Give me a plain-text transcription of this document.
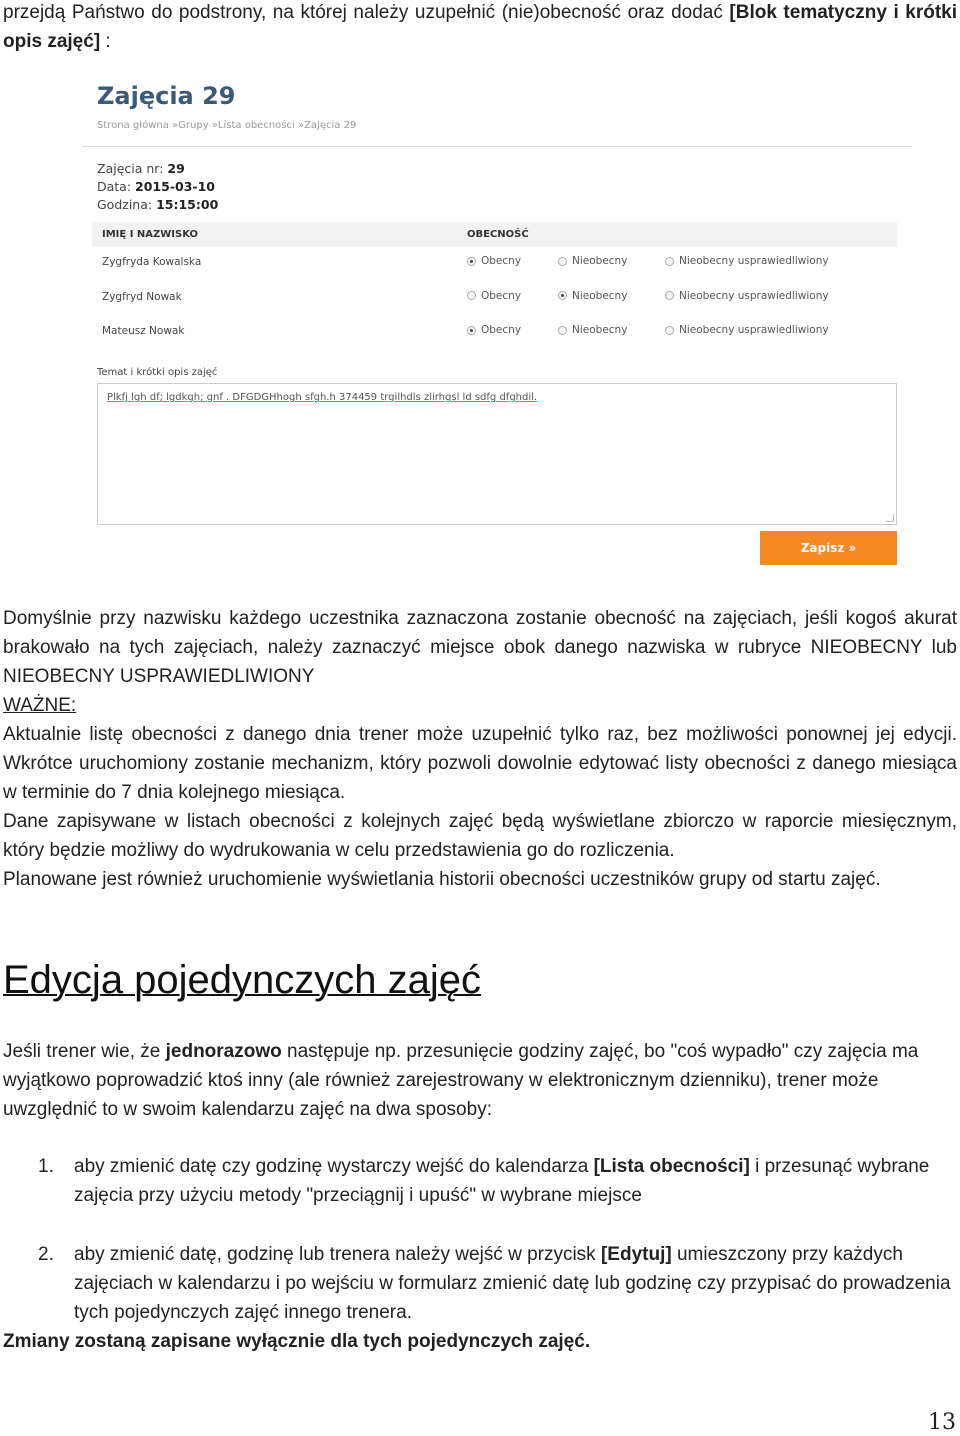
przejdą Państwo do podstrony, na której należy uzupełnić (nie)obecność oraz dodać [Blok tematyczny i krótki opis zajęć] :

Zajęcia 29
Strona główna »Grupy »Lista obecności »Zajęcia 29
Zajęcia nr: 29
Data: 2015-03-10
Godzina: 15:15:00
IMIĘ I NAZWISKO	OBECNOŚĆ
Zygfryda Kowalska	Obecny	Nieobecny	Nieobecny usprawiedliwiony
Zygfryd Nowak	Obecny	Nieobecny	Nieobecny usprawiedliwiony
Mateusz Nowak	Obecny	Nieobecny	Nieobecny usprawiedliwiony
Temat i krótki opis zajęć
Plkfj lgh df; lgdkgh; gnf . DFGDGHhogh sfgh.h 374459 trgilhdls zlirhgsl ld sdfg dfghdil.
Zapisz »

Domyślnie przy nazwisku każdego uczestnika zaznaczona zostanie obecność na zajęciach, jeśli kogoś akurat brakowało na tych zajęciach, należy zaznaczyć miejsce obok danego nazwiska w rubryce NIEOBECNY lub NIEOBECNY USPRAWIEDLIWIONY

WAŻNE:

Aktualnie listę obecności z danego dnia trener może uzupełnić tylko raz, bez możliwości ponownej jej edycji. Wkrótce uruchomiony zostanie mechanizm, który pozwoli dowolnie edytować listy obecności z danego miesiąca w terminie do 7 dnia kolejnego miesiąca.

Dane zapisywane w listach obecności z kolejnych zajęć będą wyświetlane zbiorczo w raporcie miesięcznym, który będzie możliwy do wydrukowania w celu przedstawienia go do rozliczenia.

Planowane jest również uruchomienie wyświetlania historii obecności uczestników grupy od startu zajęć.

Edycja pojedynczych zajęć

Jeśli trener wie, że jednorazowo następuje np. przesunięcie godziny zajęć, bo "coś wypadło" czy zajęcia ma wyjątkowo poprowadzić ktoś inny (ale również zarejestrowany w elektronicznym dzienniku), trener może uwzględnić to w swoim kalendarzu zajęć na dwa sposoby:

1. aby zmienić datę czy godzinę wystarczy wejść do kalendarza [Lista obecności] i przesunąć wybrane zajęcia przy użyciu metody "przeciągnij i upuść" w wybrane miejsce

2. aby zmienić datę, godzinę lub trenera należy wejść w przycisk [Edytuj] umieszczony przy każdych zajęciach w kalendarzu i po wejściu w formularz zmienić datę lub godzinę czy przypisać do prowadzenia tych pojedynczych zajęć innego trenera.

Zmiany zostaną zapisane wyłącznie dla tych pojedynczych zajęć.

13
